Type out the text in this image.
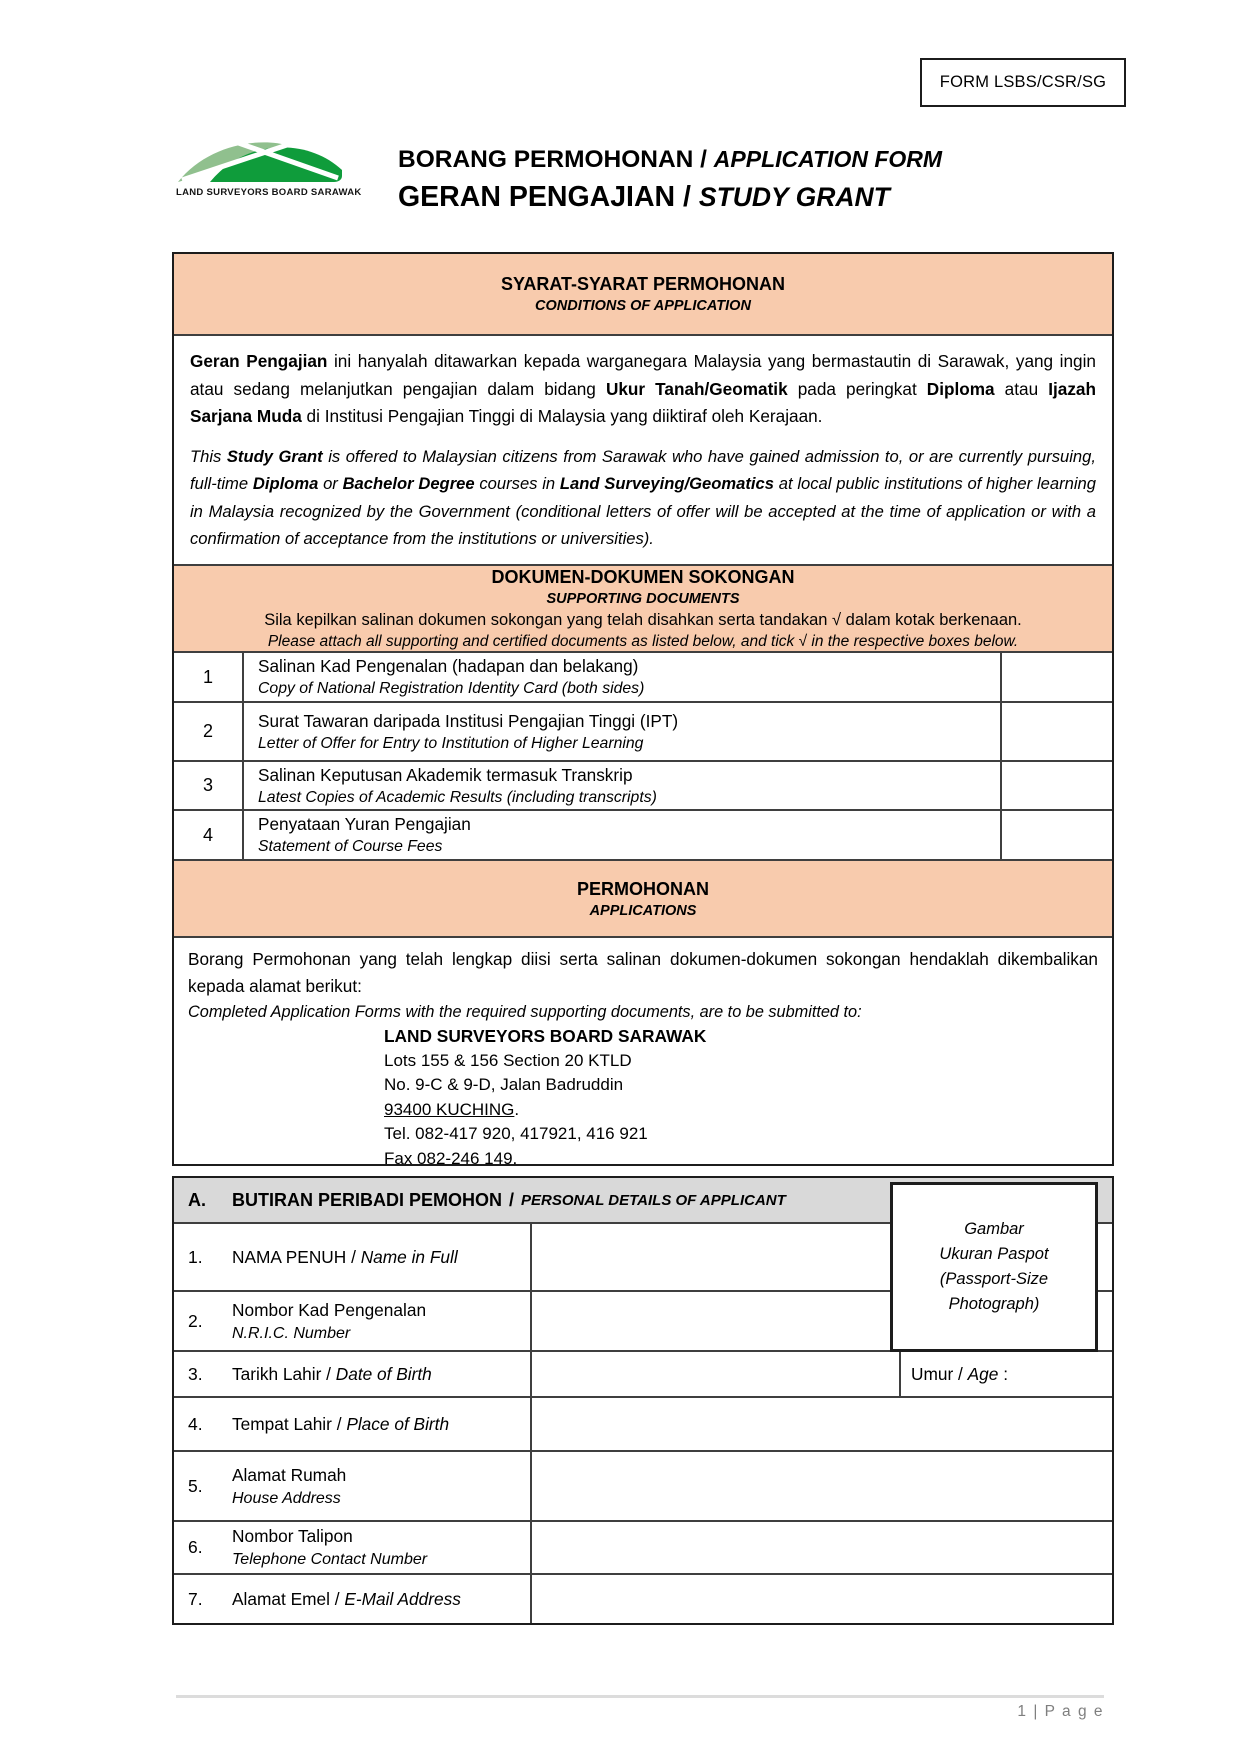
FORM LSBS/CSR/SG
LAND SURVEYORS BOARD SARAWAK
BORANG PERMOHONAN / APPLICATION FORM
GERAN PENGAJIAN / STUDY GRANT
SYARAT-SYARAT PERMOHONAN
CONDITIONS OF APPLICATION

Geran Pengajian ini hanyalah ditawarkan kepada warganegara Malaysia yang bermastautin di Sarawak, yang ingin atau sedang melanjutkan pengajian dalam bidang Ukur Tanah/Geomatik pada peringkat Diploma atau Ijazah Sarjana Muda di Institusi Pengajian Tinggi di Malaysia yang diiktiraf oleh Kerajaan.

This Study Grant is offered to Malaysian citizens from Sarawak who have gained admission to, or are currently pursuing, full-time Diploma or Bachelor Degree courses in Land Surveying/Geomatics at local public institutions of higher learning in Malaysia recognized by the Government (conditional letters of offer will be accepted at the time of application or with a confirmation of acceptance from the institutions or universities).

DOKUMEN-DOKUMEN SOKONGAN
SUPPORTING DOCUMENTS
Sila kepilkan salinan dokumen sokongan yang telah disahkan serta tandakan √ dalam kotak berkenaan.
Please attach all supporting and certified documents as listed below, and tick √ in the respective boxes below.
1
Salinan Kad Pengenalan (hadapan dan belakang)
Copy of National Registration Identity Card (both sides)
2
Surat Tawaran daripada Institusi Pengajian Tinggi (IPT)
Letter of Offer for Entry to Institution of Higher Learning
3
Salinan Keputusan Akademik termasuk Transkrip
Latest Copies of Academic Results (including transcripts)
4
Penyataan Yuran Pengajian
Statement of Course Fees
PERMOHONAN
APPLICATIONS

Borang Permohonan yang telah lengkap diisi serta salinan dokumen-dokumen sokongan hendaklah dikembalikan kepada alamat berikut:

Completed Application Forms with the required supporting documents, are to be submitted to:

LAND SURVEYORS BOARD SARAWAK
Lots 155 & 156 Section 20 KTLD
No. 9-C & 9-D, Jalan Badruddin
93400 KUCHING.
Tel. 082-417 920, 417921, 416 921
Fax 082-246 149.
A.	BUTIRAN PERIBADI PEMOHON / PERSONAL DETAILS OF APPLICANT
1.	NAMA PENUH / Name in Full
2.
Nombor Kad Pengenalan
N.R.I.C. Number
3.	Tarikh Lahir / Date of Birth	Umur / Age :
4.	Tempat Lahir / Place of Birth
5.
Alamat Rumah
House Address
6.
Nombor Talipon
Telephone Contact Number
7.	Alamat Emel / E-Mail Address
Gambar
Ukuran Paspot
(Passport-Size
Photograph)
1 | P a g e
